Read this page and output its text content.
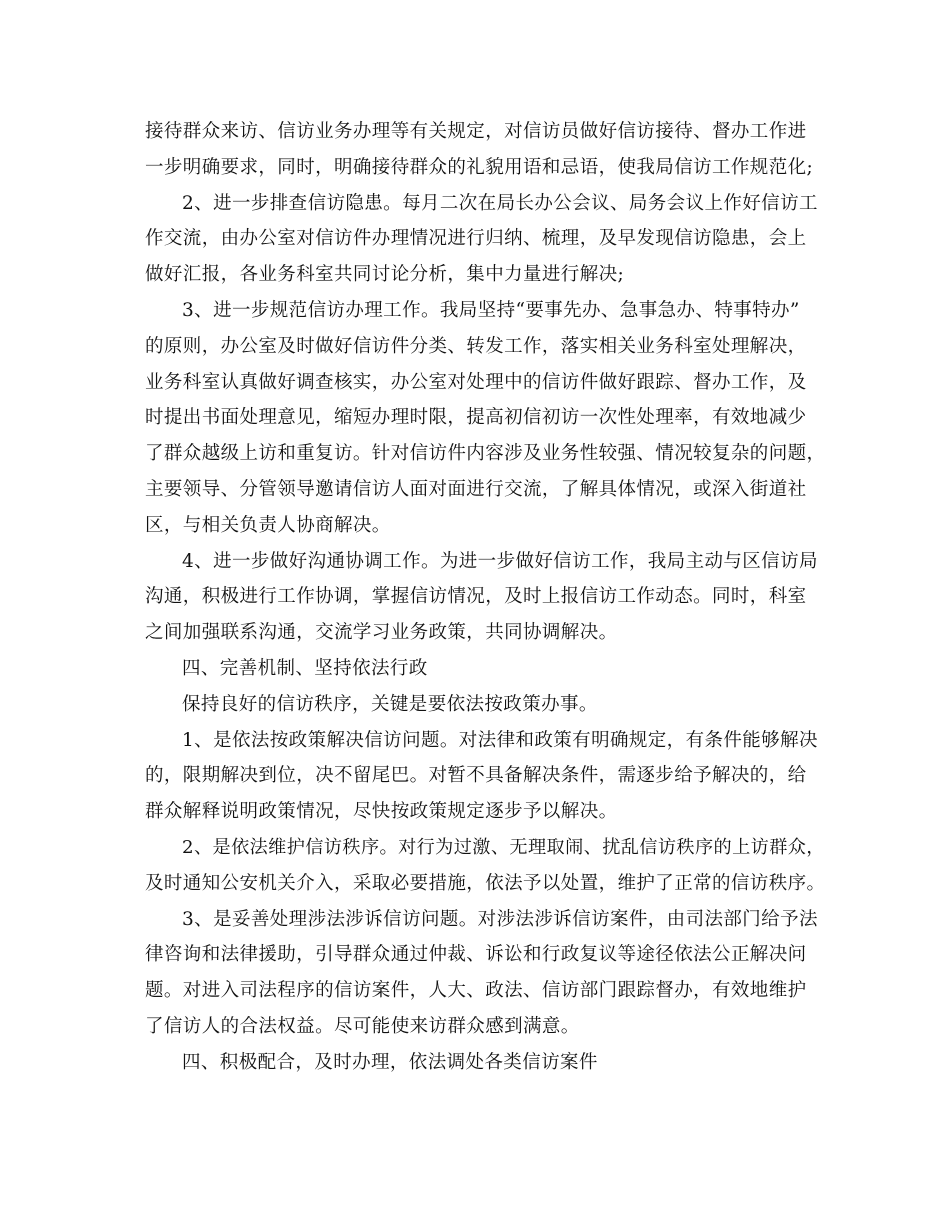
接待群众来访、信访业务办理等有关规定，对信访员做好信访接待、督办工作进
一步明确要求，同时，明确接待群众的礼貌用语和忌语，使我局信访工作规范化;
2、进一步排查信访隐患。每月二次在局长办公会议、局务会议上作好信访工
作交流，由办公室对信访件办理情况进行归纳、梳理，及早发现信访隐患，会上
做好汇报，各业务科室共同讨论分析，集中力量进行解决;
3、进一步规范信访办理工作。我局坚持“要事先办、急事急办、特事特办”
的原则，办公室及时做好信访件分类、转发工作，落实相关业务科室处理解决，
业务科室认真做好调查核实，办公室对处理中的信访件做好跟踪、督办工作，及
时提出书面处理意见，缩短办理时限，提高初信初访一次性处理率，有效地减少
了群众越级上访和重复访。针对信访件内容涉及业务性较强、情况较复杂的问题，
主要领导、分管领导邀请信访人面对面进行交流，了解具体情况，或深入街道社
区，与相关负责人协商解决。
4、进一步做好沟通协调工作。为进一步做好信访工作，我局主动与区信访局
沟通，积极进行工作协调，掌握信访情况，及时上报信访工作动态。同时，科室
之间加强联系沟通，交流学习业务政策，共同协调解决。
四、完善机制、坚持依法行政
保持良好的信访秩序，关键是要依法按政策办事。
1、是依法按政策解决信访问题。对法律和政策有明确规定，有条件能够解决
的，限期解决到位，决不留尾巴。对暂不具备解决条件，需逐步给予解决的，给
群众解释说明政策情况，尽快按政策规定逐步予以解决。
2、是依法维护信访秩序。对行为过激、无理取闹、扰乱信访秩序的上访群众，
及时通知公安机关介入，采取必要措施，依法予以处置，维护了正常的信访秩序。
3、是妥善处理涉法涉诉信访问题。对涉法涉诉信访案件，由司法部门给予法
律咨询和法律援助，引导群众通过仲裁、诉讼和行政复议等途径依法公正解决问
题。对进入司法程序的信访案件，人大、政法、信访部门跟踪督办，有效地维护
了信访人的合法权益。尽可能使来访群众感到满意。
四、积极配合，及时办理，依法调处各类信访案件
